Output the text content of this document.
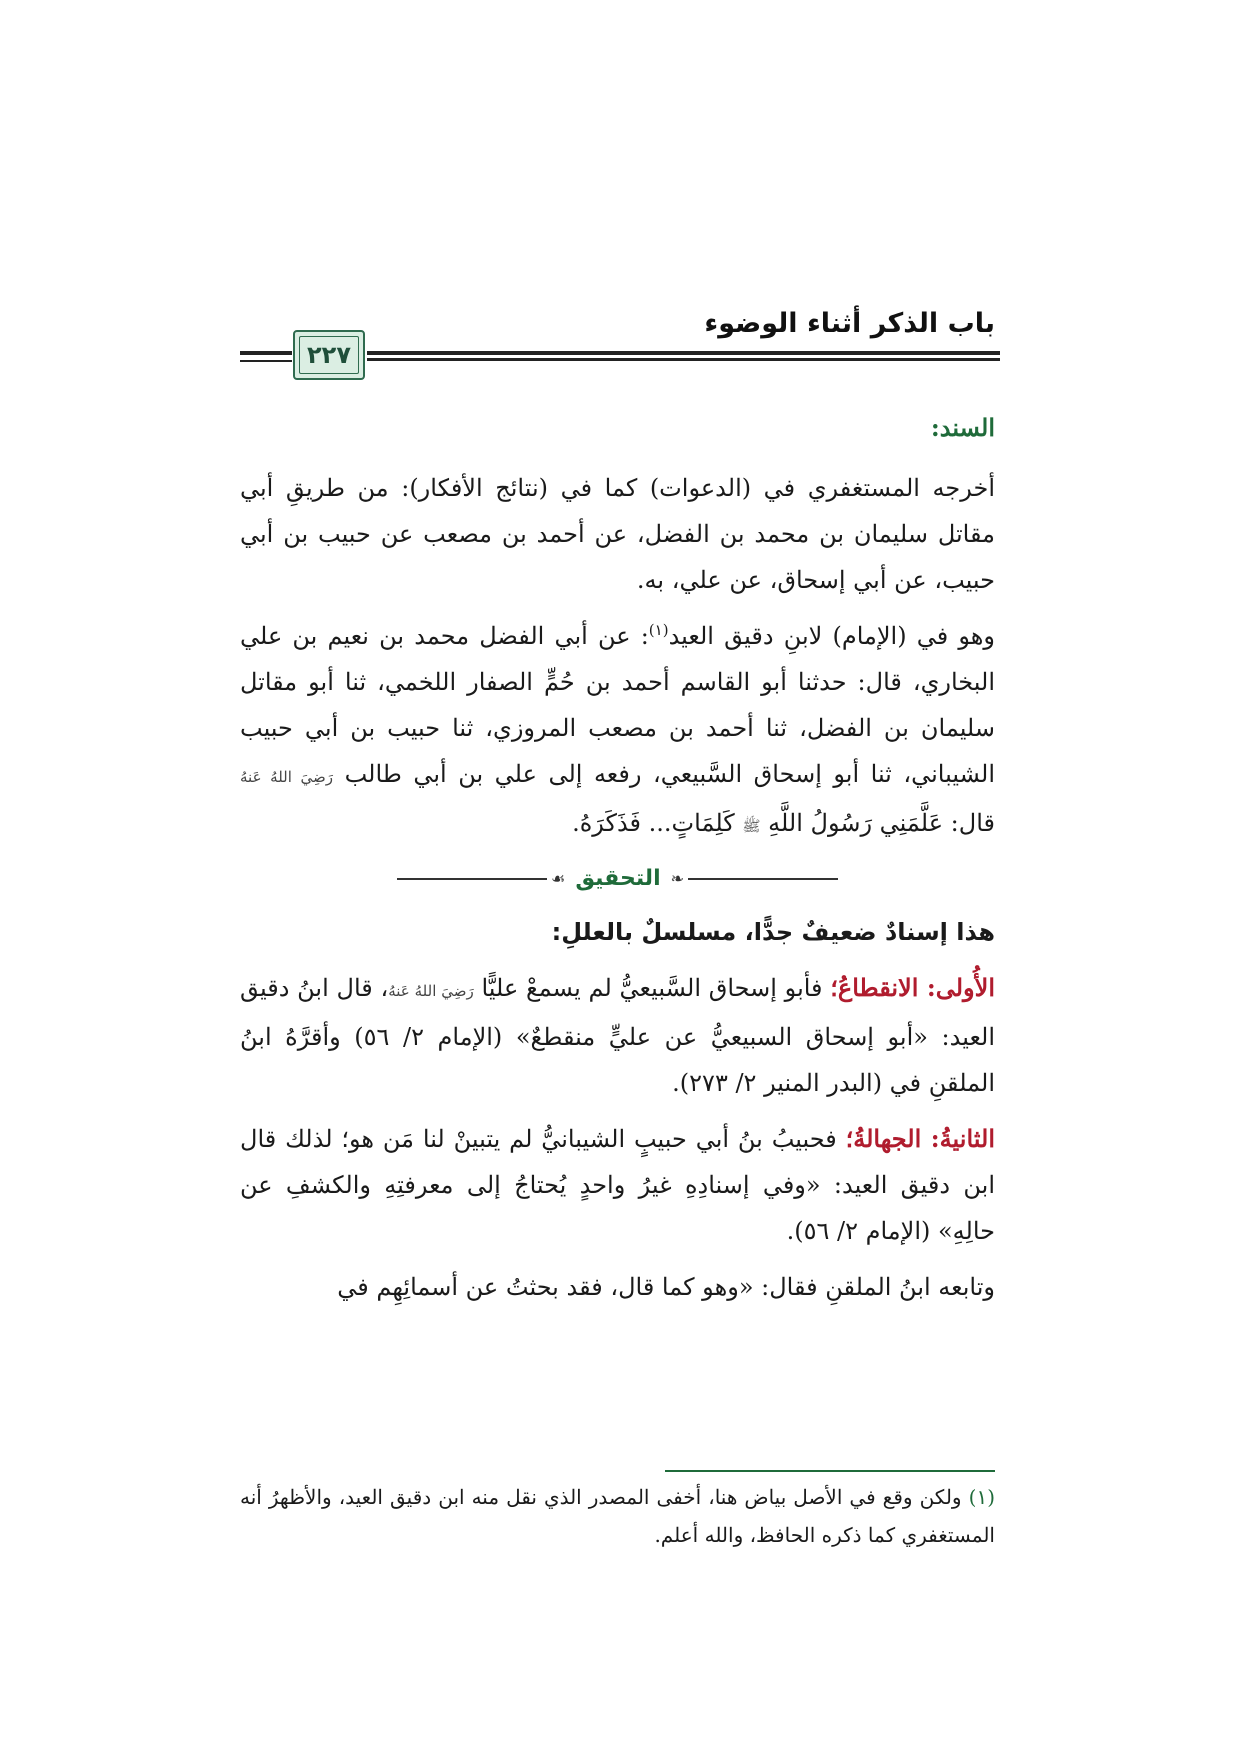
باب الذكر أثناء الوضوء
٢٢٧
السند:

أخرجه المستغفري في (الدعوات) كما في (نتائج الأفكار): من طريقِ أبي مقاتل سليمان بن محمد بن الفضل، عن أحمد بن مصعب عن حبيب بن أبي حبيب، عن أبي إسحاق، عن علي، به.

وهو في (الإمام) لابنِ دقيق العيد$^{(١)}$: عن أبي الفضل محمد بن نعيم بن علي البخاري، قال: حدثنا أبو القاسم أحمد بن حُمٍّ الصفار اللخمي، ثنا أبو مقاتل سليمان بن الفضل، ثنا أحمد بن مصعب المروزي، ثنا حبيب بن أبي حبيب الشيباني، ثنا أبو إسحاق السَّبيعي، رفعه إلى علي بن أبي طالب رَضِيَ اللهُ عَنهُ قال: عَلَّمَنِي رَسُولُ اللَّهِ ﷺ كَلِمَاتٍ... فَذَكَرَهُ.

❧
التحقيق
☙
هذا إسنادٌ ضعيفٌ جدًّا، مسلسلٌ بالعللِ:

الأُولى: الانقطاعُ؛ فأبو إسحاق السَّبيعيُّ لم يسمعْ عليًّا رَضِيَ اللهُ عَنهُ، قال ابنُ دقيق العيد: «أبو إسحاق السبيعيُّ عن عليٍّ منقطعٌ» (الإمام ٢/ ٥٦) وأقرَّهُ ابنُ الملقنِ في (البدر المنير ٢/ ٢٧٣).

الثانيةُ: الجهالةُ؛ فحبيبُ بنُ أبي حبيبٍ الشيبانيُّ لم يتبينْ لنا مَن هو؛ لذلك قال ابن دقيق العيد: «وفي إسنادِهِ غيرُ واحدٍ يُحتاجُ إلى معرفتِهِ والكشفِ عن حالِهِ» (الإمام ٢/ ٥٦).

وتابعه ابنُ الملقنِ فقال: «وهو كما قال، فقد بحثتُ عن أسمائِهِم في

(١) ولكن وقع في الأصل بياض هنا، أخفى المصدر الذي نقل منه ابن دقيق العيد، والأظهرُ أنه المستغفري كما ذكره الحافظ، والله أعلم.
